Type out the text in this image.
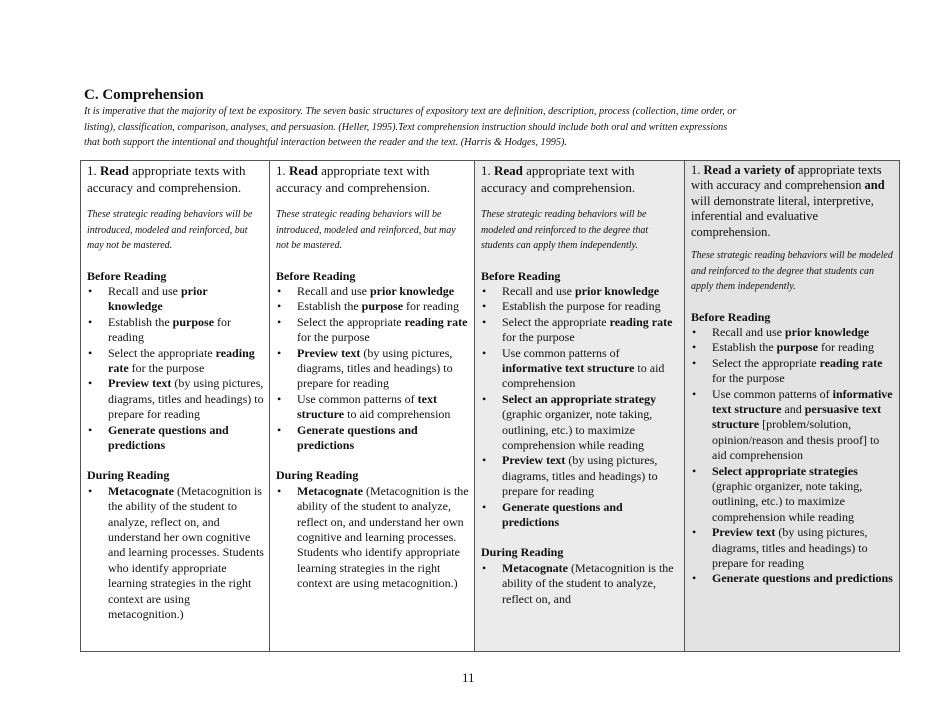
C. Comprehension
It is imperative that the majority of text be expository. The seven basic structures of expository text are definition, description, process (collection, time order, or
listing), classification, comparison, analyses, and persuasion. (Heller, 1995).Text comprehension instruction should include both oral and written expressions
that both support the intentional and thoughtful interaction between the reader and the text. (Harris & Hodges, 1995).
1. Read appropriate texts with accuracy and comprehension.
These strategic reading behaviors will be introduced, modeled and reinforced, but may not be mastered.
Before Reading
• Recall and use prior knowledge
• Establish the purpose for reading
• Select the appropriate reading rate for the purpose
• Preview text (by using pictures, diagrams, titles and headings) to prepare for reading
• Generate questions and predictions
During Reading
• Metacognate (Metacognition is the ability of the student to analyze, reflect on, and understand her own cognitive and learning processes. Students who identify appropriate learning strategies in the right context are using metacognition.)

1. Read appropriate text with accuracy and comprehension.
These strategic reading behaviors will be introduced, modeled and reinforced, but may not be mastered.
Before Reading
• Recall and use prior knowledge
• Establish the purpose for reading
• Select the appropriate reading rate for the purpose
• Preview text (by using pictures, diagrams, titles and headings) to prepare for reading
• Use common patterns of text structure to aid comprehension
• Generate questions and predictions
During Reading
• Metacognate (Metacognition is the ability of the student to analyze, reflect on, and understand her own cognitive and learning processes. Students who identify appropriate learning strategies in the right context are using metacognition.)

1. Read appropriate text with accuracy and comprehension.
These strategic reading behaviors will be modeled and reinforced to the degree that students can apply them independently.
Before Reading
• Recall and use prior knowledge
• Establish the purpose for reading
• Select the appropriate reading rate for the purpose
• Use common patterns of informative text structure to aid comprehension
• Select an appropriate strategy (graphic organizer, note taking, outlining, etc.) to maximize comprehension while reading
• Preview text (by using pictures, diagrams, titles and headings) to prepare for reading
• Generate questions and predictions
During Reading
• Metacognate (Metacognition is the ability of the student to analyze, reflect on, and

1. Read a variety of appropriate texts with accuracy and comprehension and will demonstrate literal, interpretive, inferential and evaluative comprehension.
These strategic reading behaviors will be modeled and reinforced to the degree that students can apply them independently.
Before Reading
• Recall and use prior knowledge
• Establish the purpose for reading
• Select the appropriate reading rate for the purpose
• Use common patterns of informative text structure and persuasive text structure [problem/solution, opinion/reason and thesis proof] to aid comprehension
• Select appropriate strategies (graphic organizer, note taking, outlining, etc.) to maximize comprehension while reading
• Preview text (by using pictures, diagrams, titles and headings) to prepare for reading
• Generate questions and predictions
11
